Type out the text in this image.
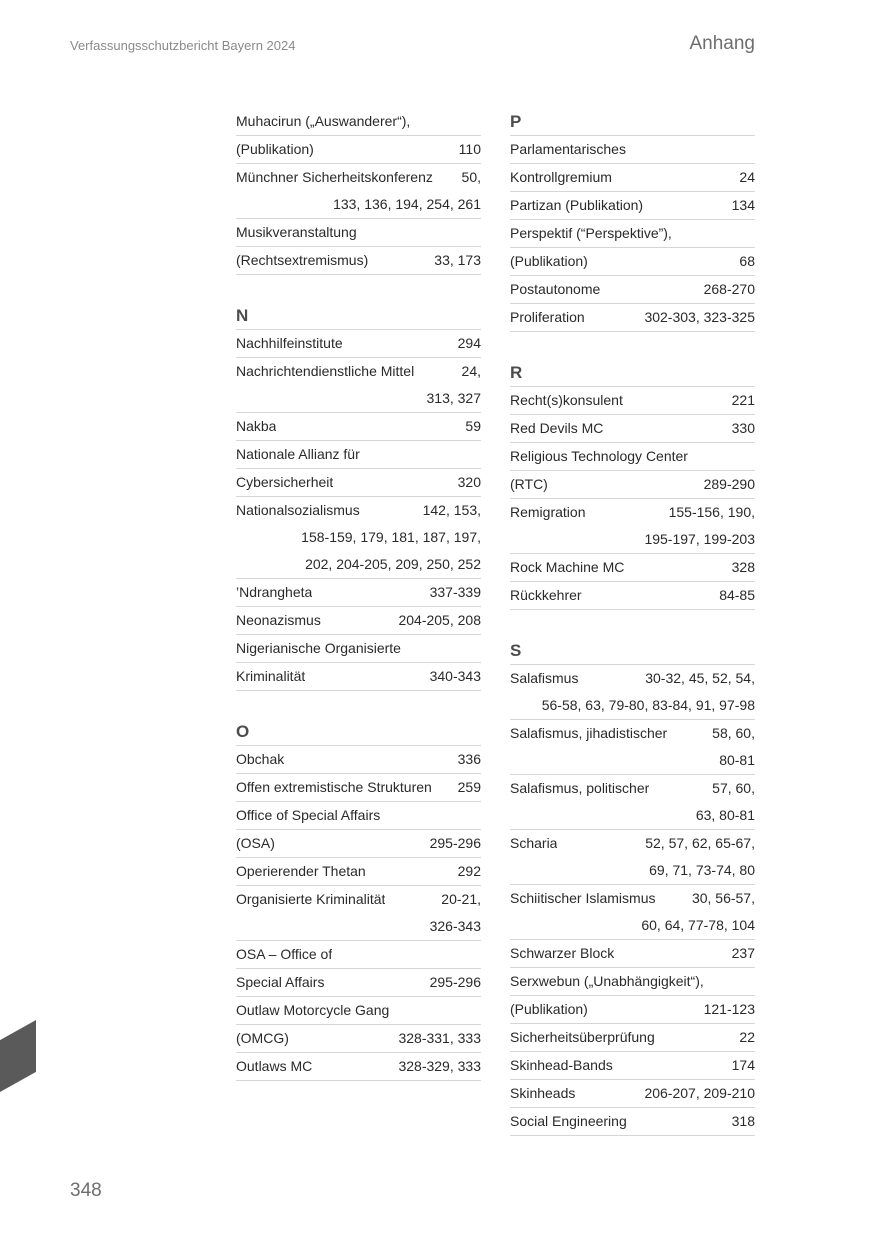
Verfassungsschutzbericht Bayern 2024	Anhang
Muhacirun („Auswanderer“),
(Publikation)	110
Münchner Sicherheitskonferenz	50,
133, 136, 194, 254, 261
Musikveranstaltung
(Rechtsextremismus)	33, 173
N
Nachhilfeinstitute	294
Nachrichtendienstliche Mittel	24,
313, 327
Nakba	59
Nationale Allianz für
Cybersicherheit	320
Nationalsozialismus	142, 153,
158-159, 179, 181, 187, 197,
202, 204-205, 209, 250, 252
’Ndrangheta	337-339
Neonazismus	204-205, 208
Nigerianische Organisierte
Kriminalität	340-343
O
Obchak	336
Offen extremistische Strukturen	259
Office of Special Affairs
(OSA)	295-296
Operierender Thetan	292
Organisierte Kriminalität	20-21,
326-343
OSA – Office of
Special Affairs	295-296
Outlaw Motorcycle Gang
(OMCG)	328-331, 333
Outlaws MC	328-329, 333
P
Parlamentarisches
Kontrollgremium	24
Partizan (Publikation)	134
Perspektif (“Perspektive”),
(Publikation)	68
Postautonome	268-270
Proliferation	302-303, 323-325
R
Recht(s)konsulent	221
Red Devils MC	330
Religious Technology Center
(RTC)	289-290
Remigration	155-156, 190,
195-197, 199-203
Rock Machine MC	328
Rückkehrer	84-85
S
Salafismus	30-32, 45, 52, 54,
56-58, 63, 79-80, 83-84, 91, 97-98
Salafismus, jihadistischer	58, 60,
80-81
Salafismus, politischer	57, 60,
63, 80-81
Scharia	52, 57, 62, 65-67,
69, 71, 73-74, 80
Schiitischer Islamismus	30, 56-57,
60, 64, 77-78, 104
Schwarzer Block	237
Serxwebun („Unabhängigkeit“),
(Publikation)	121-123
Sicherheitsüberprüfung	22
Skinhead-Bands	174
Skinheads	206-207, 209-210
Social Engineering	318
348
